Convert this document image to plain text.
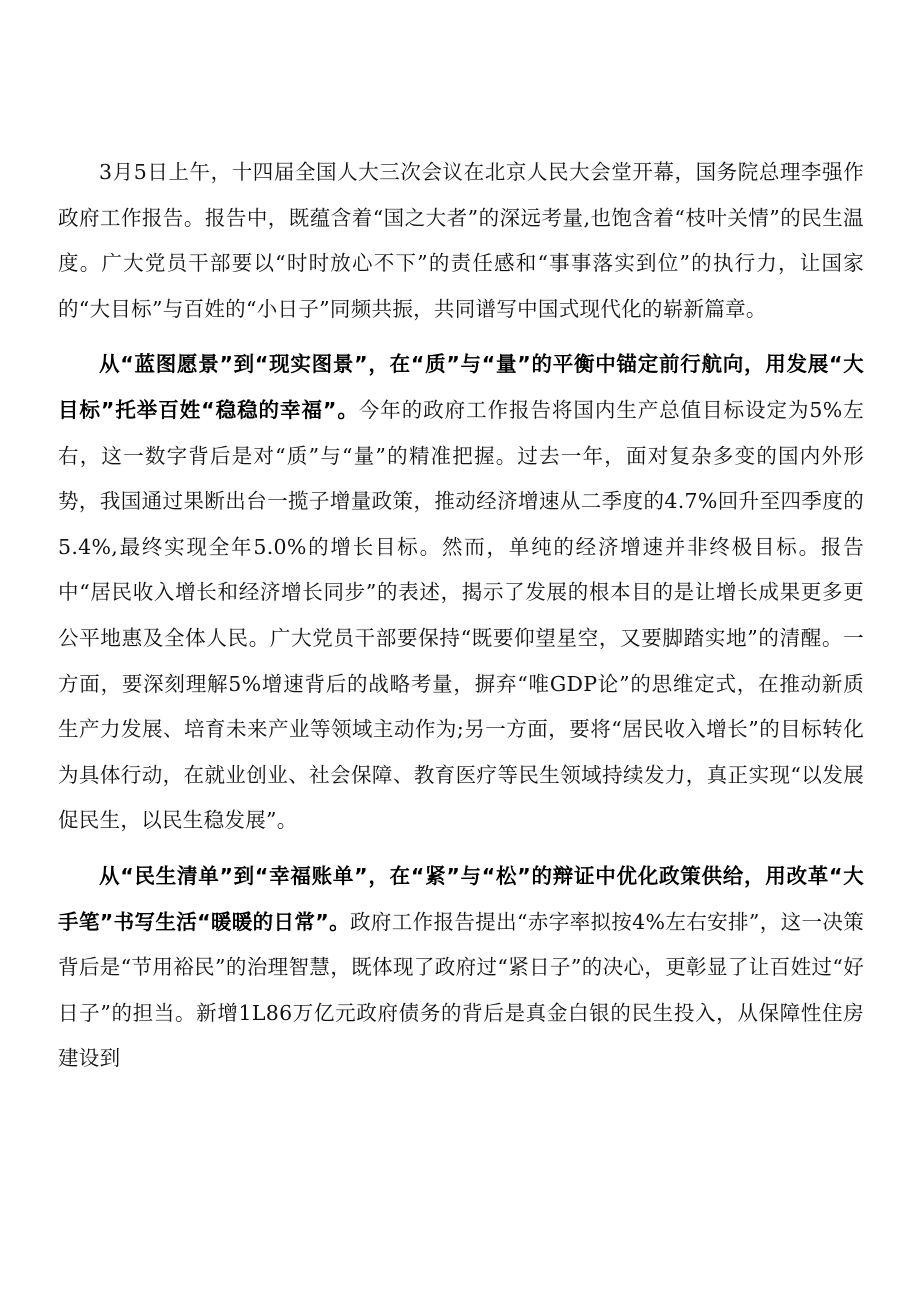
3月5日上午，十四届全国人大三次会议在北京人民大会堂开幕，国务院总理李强作政府工作报告。报告中，既蕴含着“国之大者”的深远考量,也饱含着“枝叶关情”的民生温度。广大党员干部要以“时时放心不下”的责任感和“事事落实到位”的执行力，让国家的“大目标”与百姓的“小日子”同频共振，共同谱写中国式现代化的崭新篇章。

从“蓝图愿景”到“现实图景”，在“质”与“量”的平衡中锚定前行航向，用发展“大目标”托举百姓“稳稳的幸福”。今年的政府工作报告将国内生产总值目标设定为5%左右，这一数字背后是对“质”与“量”的精准把握。过去一年，面对复杂多变的国内外形势，我国通过果断出台一揽子增量政策，推动经济增速从二季度的4.7%回升至四季度的5.4%,最终实现全年5.0%的增长目标。然而，单纯的经济增速并非终极目标。报告中“居民收入增长和经济增长同步”的表述，揭示了发展的根本目的是让增长成果更多更公平地惠及全体人民。广大党员干部要保持“既要仰望星空，又要脚踏实地”的清醒。一方面，要深刻理解5%增速背后的战略考量，摒弃“唯GDP论”的思维定式，在推动新质生产力发展、培育未来产业等领域主动作为;另一方面，要将“居民收入增长”的目标转化为具体行动，在就业创业、社会保障、教育医疗等民生领域持续发力，真正实现“以发展促民生，以民生稳发展”。

从“民生清单”到“幸福账单”，在“紧”与“松”的辩证中优化政策供给，用改革“大手笔”书写生活“暖暖的日常”。政府工作报告提出“赤字率拟按4%左右安排”，这一决策背后是“节用裕民”的治理智慧，既体现了政府过“紧日子”的决心，更彰显了让百姓过“好日子”的担当。新增1L86万亿元政府债务的背后是真金白银的民生投入，从保障性住房建设到
